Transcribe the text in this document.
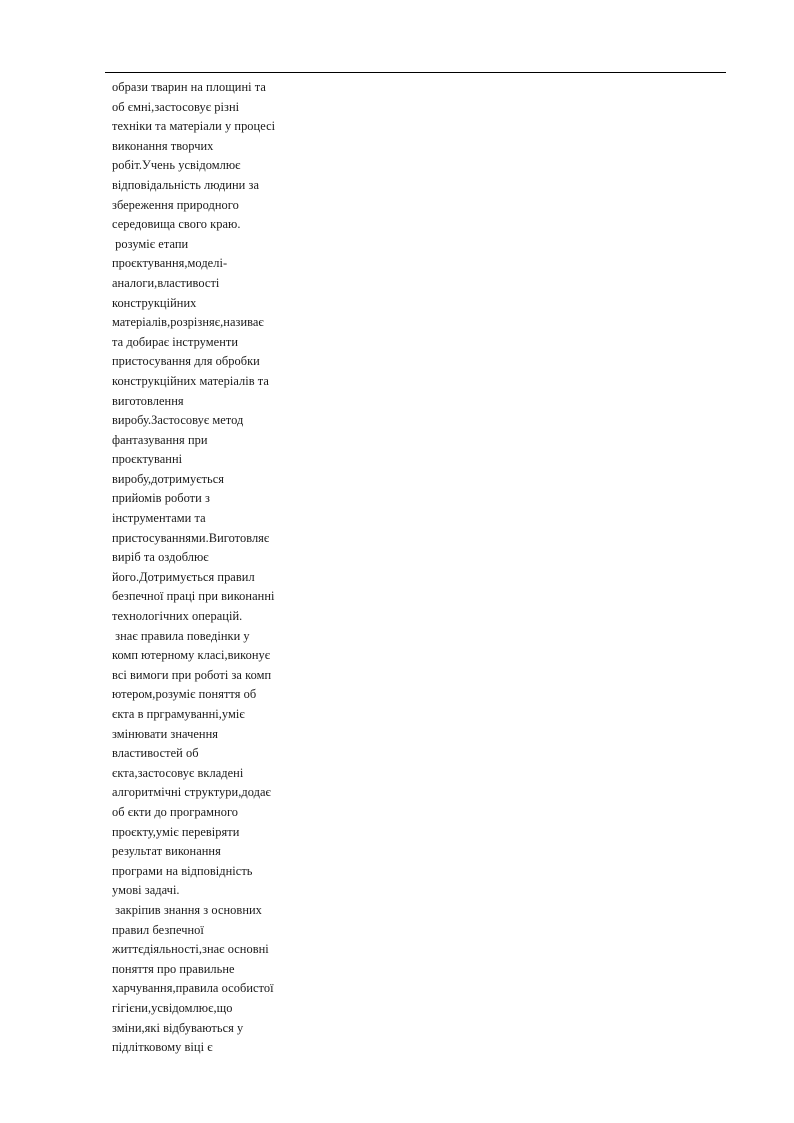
образи тварин на площині та
об ємні,застосовує різні
техніки та матеріали у процесі
виконання творчих
робіт.Учень усвідомлює
відповідальність людини за
збереження природного
середовища свого краю.
розуміє етапи
проєктування,моделі-
аналоги,властивості
конструкційних
матеріалів,розрізняє,називає
та добирає інструменти
пристосування для обробки
конструкційних матеріалів та
виготовлення
виробу.Застосовує метод
фантазування при
проєктуванні
виробу,дотримується
прийомів роботи з
інструментами та
пристосуваннями.Виготовляє
виріб та оздоблює
його.Дотримується правил
безпечної праці при виконанні
технологічних операцій.
знає правила поведінки у
комп ютерному класі,виконує
всі вимоги при роботі за комп
ютером,розуміє поняття об
єкта в прграмуванні,уміє
змінювати значення
властивостей об
єкта,застосовує вкладені
алгоритмічні структури,додає
об єкти до програмного
проєкту,уміє перевіряти
результат виконання
програми на відповідність
умові задачі.
закріпив знання з основних
правил безпечної
життєдіяльності,знає основні
поняття про правильне
харчування,правила особистої
гігієни,усвідомлює,що
зміни,які відбуваються у
підлітковому віці є
